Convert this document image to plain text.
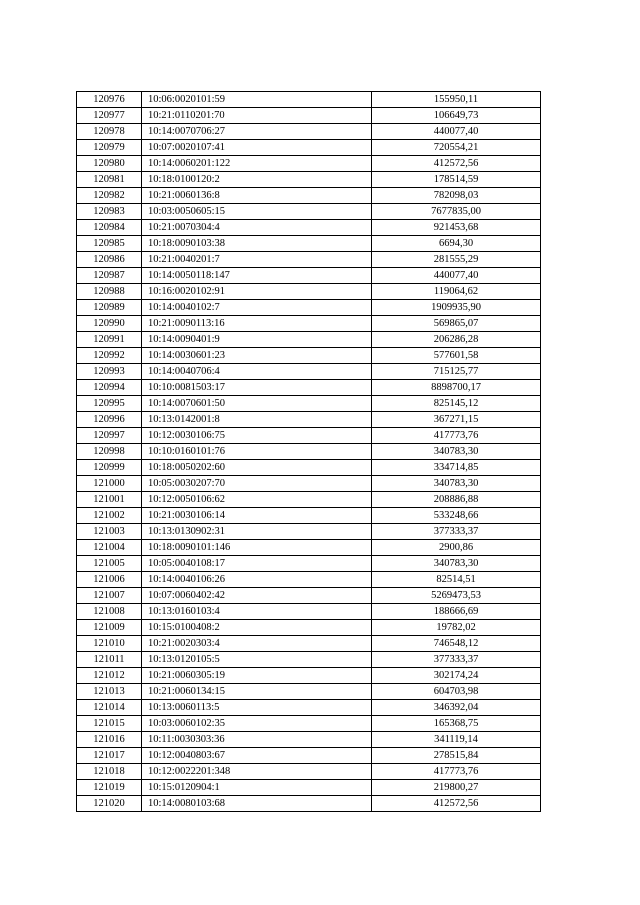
120976	10:06:0020101:59	155950,11
120977	10:21:0110201:70	106649,73
120978	10:14:0070706:27	440077,40
120979	10:07:0020107:41	720554,21
120980	10:14:0060201:122	412572,56
120981	10:18:0100120:2	178514,59
120982	10:21:0060136:8	782098,03
120983	10:03:0050605:15	7677835,00
120984	10:21:0070304:4	921453,68
120985	10:18:0090103:38	6694,30
120986	10:21:0040201:7	281555,29
120987	10:14:0050118:147	440077,40
120988	10:16:0020102:91	119064,62
120989	10:14:0040102:7	1909935,90
120990	10:21:0090113:16	569865,07
120991	10:14:0090401:9	206286,28
120992	10:14:0030601:23	577601,58
120993	10:14:0040706:4	715125,77
120994	10:10:0081503:17	8898700,17
120995	10:14:0070601:50	825145,12
120996	10:13:0142001:8	367271,15
120997	10:12:0030106:75	417773,76
120998	10:10:0160101:76	340783,30
120999	10:18:0050202:60	334714,85
121000	10:05:0030207:70	340783,30
121001	10:12:0050106:62	208886,88
121002	10:21:0030106:14	533248,66
121003	10:13:0130902:31	377333,37
121004	10:18:0090101:146	2900,86
121005	10:05:0040108:17	340783,30
121006	10:14:0040106:26	82514,51
121007	10:07:0060402:42	5269473,53
121008	10:13:0160103:4	188666,69
121009	10:15:0100408:2	19782,02
121010	10:21:0020303:4	746548,12
121011	10:13:0120105:5	377333,37
121012	10:21:0060305:19	302174,24
121013	10:21:0060134:15	604703,98
121014	10:13:0060113:5	346392,04
121015	10:03:0060102:35	165368,75
121016	10:11:0030303:36	341119,14
121017	10:12:0040803:67	278515,84
121018	10:12:0022201:348	417773,76
121019	10:15:0120904:1	219800,27
121020	10:14:0080103:68	412572,56
